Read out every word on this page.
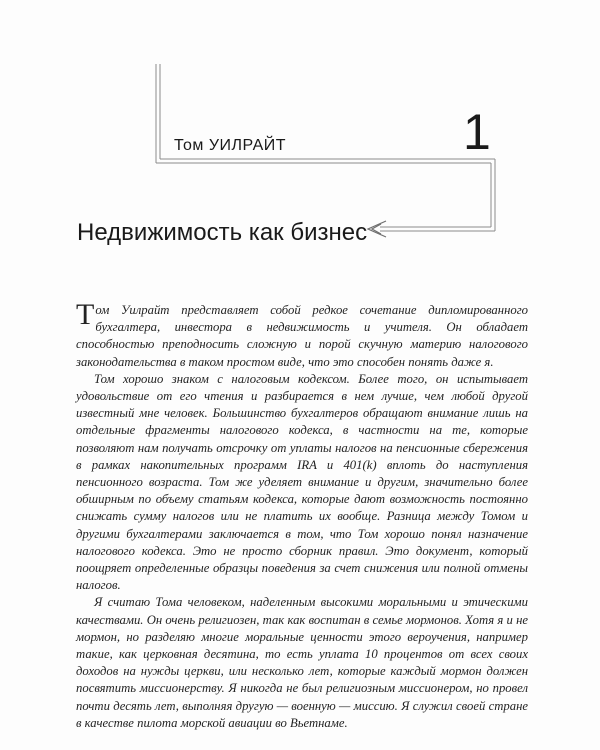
Том УИЛРАЙТ	1
Недвижимость как бизнес

Том Уилрайт представляет собой редкое сочетание дипломированного бухгалтера, инвестора в недвижимость и учителя. Он обладает способностью преподносить сложную и порой скучную материю налогового законодательства в таком простом виде, что это способен понять даже я.

Том хорошо знаком с налоговым кодексом. Более того, он испытывает удовольствие от его чтения и разбирается в нем лучше, чем любой другой известный мне человек. Большинство бухгалтеров обращают внимание лишь на отдельные фрагменты налогового кодекса, в частности на те, которые позволяют нам получать отсрочку от уплаты налогов на пенсионные сбережения в рамках накопительных программ IRA и 401(k) вплоть до наступления пенсионного возраста. Том же уделяет внимание и другим, значительно более обширным по объему статьям кодекса, которые дают возможность постоянно снижать сумму налогов или не платить их вообще. Разница между Томом и другими бухгалтерами заключается в том, что Том хорошо понял назначение налогового кодекса. Это не просто сборник правил. Это документ, который поощряет определенные образцы поведения за счет снижения или полной отмены налогов.

Я считаю Тома человеком, наделенным высокими моральными и этическими качествами. Он очень религиозен, так как воспитан в семье мормонов. Хотя я и не мормон, но разделяю многие моральные ценности этого вероучения, например такие, как церковная десятина, то есть уплата 10 процентов от всех своих доходов на нужды церкви, или несколько лет, которые каждый мормон должен посвятить миссионерству. Я никогда не был религиозным миссионером, но провел почти десять лет, выполняя другую — военную — миссию. Я служил своей стране в качестве пилота морской авиации во Вьетнаме.
